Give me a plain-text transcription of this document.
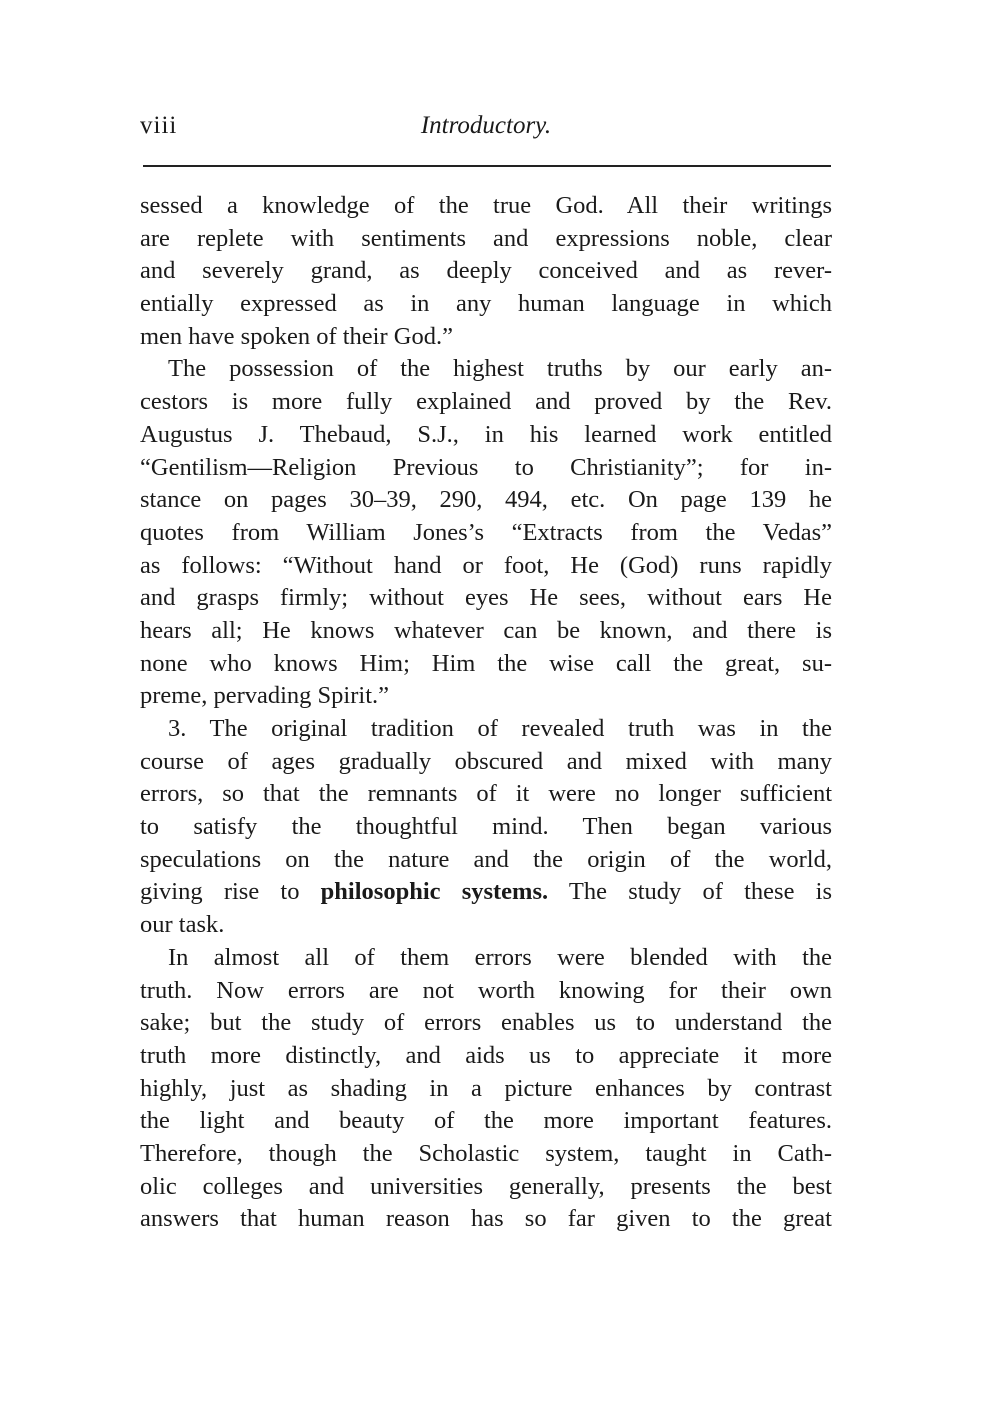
viii	Introductory.
sessed a knowledge of the true God. All their writings
are replete with sentiments and expressions noble, clear
and severely grand, as deeply conceived and as rever-
entially expressed as in any human language in which
men have spoken of their God.”
The possession of the highest truths by our early an-
cestors is more fully explained and proved by the Rev.
Augustus J. Thebaud, S.J., in his learned work entitled
“Gentilism—Religion Previous to Christianity”; for in-
stance on pages 30–39, 290, 494, etc. On page 139 he
quotes from William Jones’s “Extracts from the Vedas”
as follows: “Without hand or foot, He (God) runs rapidly
and grasps firmly; without eyes He sees, without ears He
hears all; He knows whatever can be known, and there is
none who knows Him; Him the wise call the great, su-
preme, pervading Spirit.”
3. The original tradition of revealed truth was in the
course of ages gradually obscured and mixed with many
errors, so that the remnants of it were no longer sufficient
to satisfy the thoughtful mind. Then began various
speculations on the nature and the origin of the world,
giving rise to philosophic systems. The study of these is
our task.
In almost all of them errors were blended with the
truth. Now errors are not worth knowing for their own
sake; but the study of errors enables us to understand the
truth more distinctly, and aids us to appreciate it more
highly, just as shading in a picture enhances by contrast
the light and beauty of the more important features.
Therefore, though the Scholastic system, taught in Cath-
olic colleges and universities generally, presents the best
answers that human reason has so far given to the great
